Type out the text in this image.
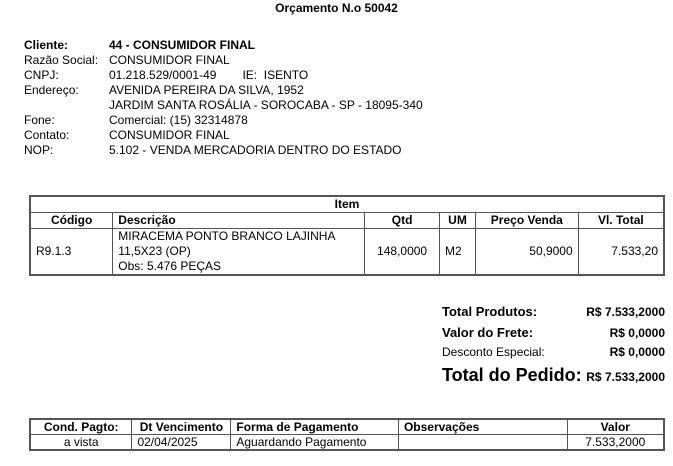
Orçamento N.o 50042
Cliente:	44 - CONSUMIDOR FINAL
Razão Social: CONSUMIDOR FINAL
CNPJ:	01.218.529/0001-49 IE:  ISENTO
Endereço:	AVENIDA PEREIRA DA SILVA, 1952
JARDIM SANTA ROSÁLIA - SOROCABA - SP - 18095-340
Fone:	Comercial: (15) 32314878
Contato:	CONSUMIDOR FINAL
NOP:	5.102 - VENDA MERCADORIA DENTRO DO ESTADO
Item					
Código	Descrição	Qtd	UM	Preço Venda	Vl. Total
R9.1.3	MIRACEMA PONTO BRANCO LAJINHA
11,5X23 (OP)
Obs: 5.476 PEÇAS	148,0000	M2	50,9000	7.533,20
Total Produtos:	R$ 7.533,2000
Valor do Frete:	R$ 0,0000
Desconto Especial:	R$ 0,0000
Total do Pedido: R$ 7.533,2000
Cond. Pagto:	Dt Vencimento	Forma de Pagamento	Observações	Valor
a vista	02/04/2025	Aguardando Pagamento		7.533,2000
